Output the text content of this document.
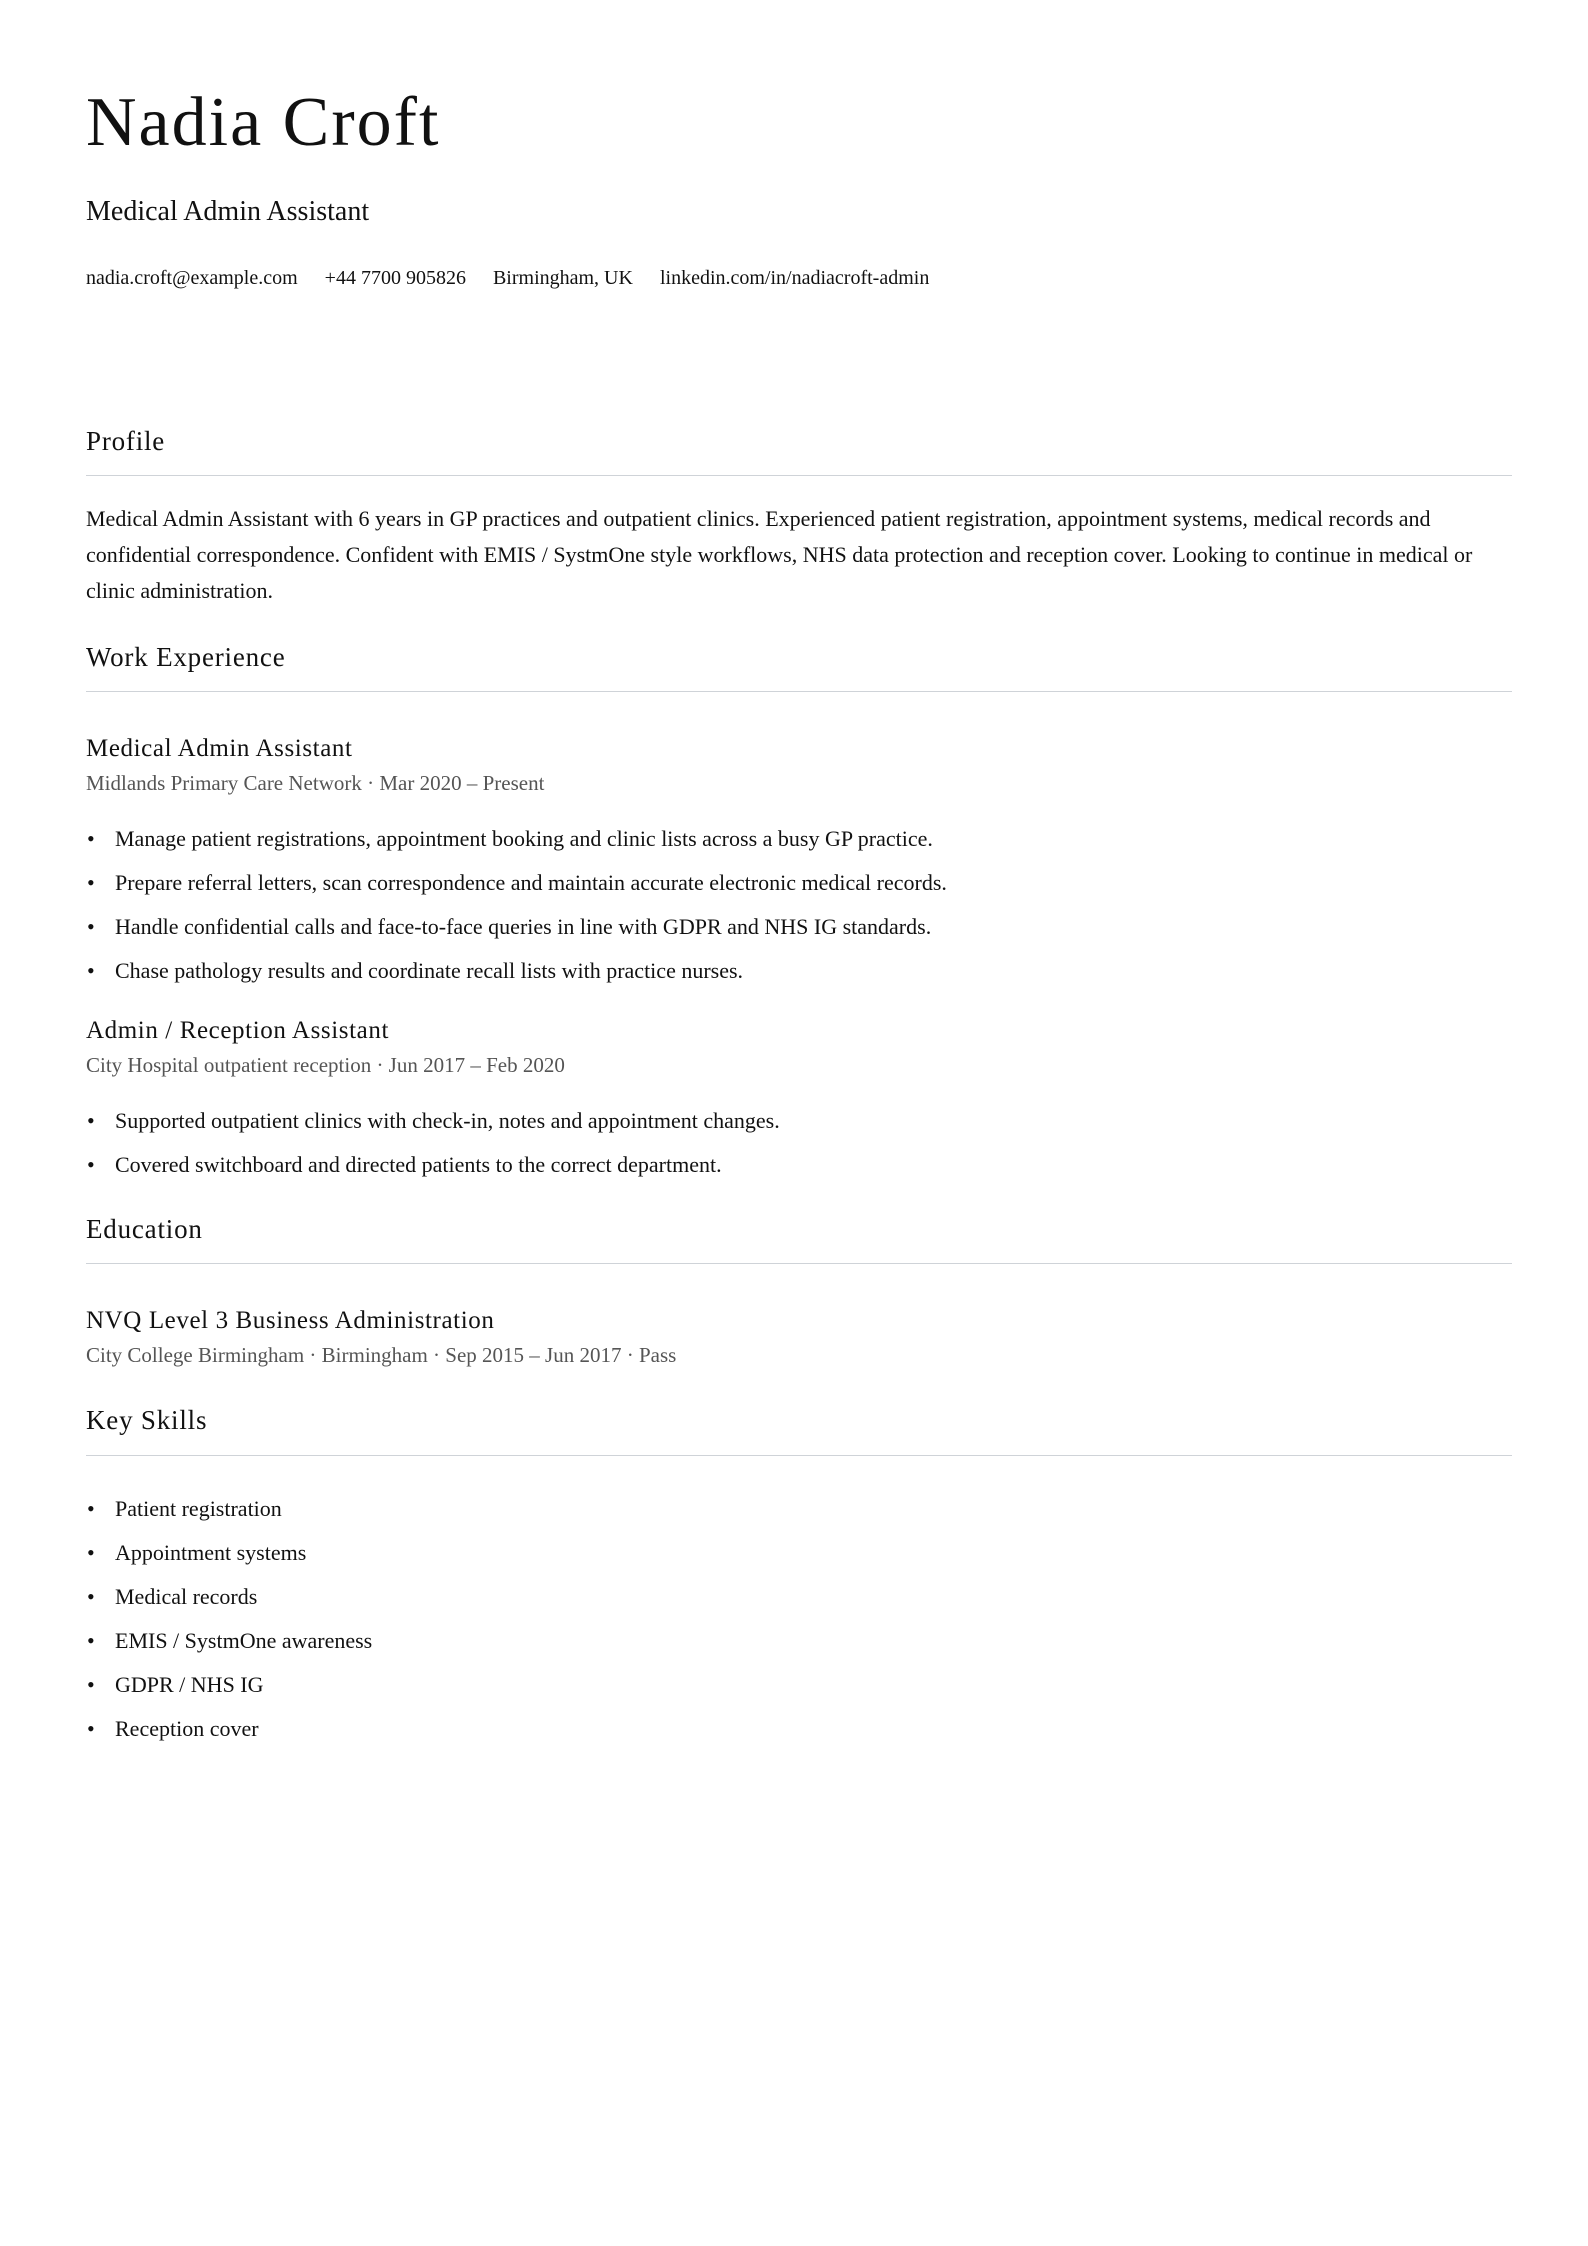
Nadia Croft
Medical Admin Assistant
nadia.croft@example.com +44 7700 905826 Birmingham, UK linkedin.com/in/nadiacroft-admin
Profile

Medical Admin Assistant with 6 years in GP practices and outpatient clinics. Experienced patient registration, appointment systems, medical records and confidential correspondence. Confident with EMIS / SystmOne style workflows, NHS data protection and reception cover. Looking to continue in medical or clinic administration.

Work Experience
Medical Admin Assistant
Midlands Primary Care Network · Mar 2020 – Present
• Manage patient registrations, appointment booking and clinic lists across a busy GP practice.
• Prepare referral letters, scan correspondence and maintain accurate electronic medical records.
• Handle confidential calls and face-to-face queries in line with GDPR and NHS IG standards.
• Chase pathology results and coordinate recall lists with practice nurses.
Admin / Reception Assistant
City Hospital outpatient reception · Jun 2017 – Feb 2020
• Supported outpatient clinics with check-in, notes and appointment changes.
• Covered switchboard and directed patients to the correct department.
Education
NVQ Level 3 Business Administration
City College Birmingham · Birmingham · Sep 2015 – Jun 2017 · Pass
Key Skills
• Patient registration
• Appointment systems
• Medical records
• EMIS / SystmOne awareness
• GDPR / NHS IG
• Reception cover
